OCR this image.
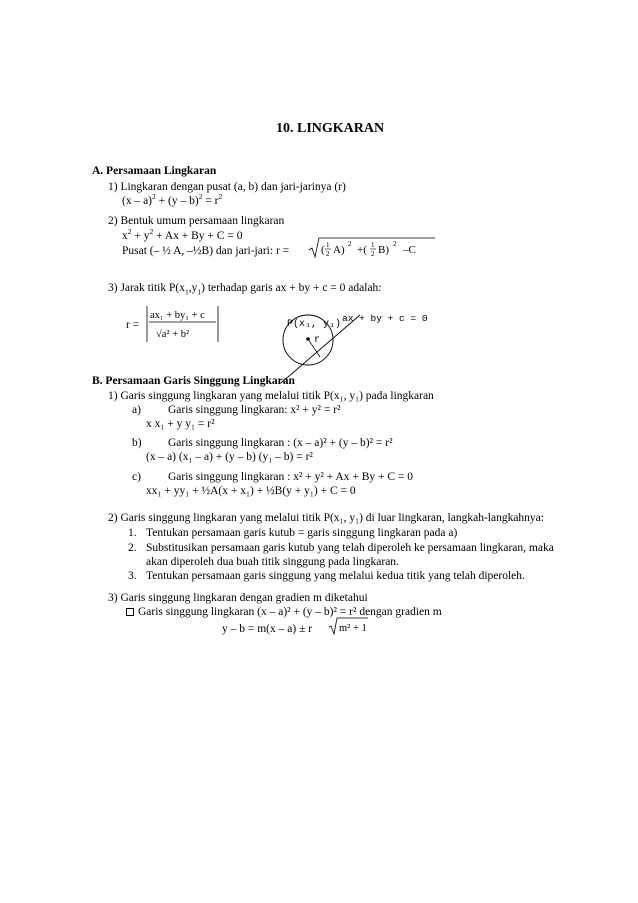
10. LINGKARAN
A. Persamaan Lingkaran
1) Lingkaran dengan pusat (a, b) dan jari-jarinya (r)
$(x - a)^2 + (y - b)^2 = r^2$
2) Bentuk umum persamaan lingkaran
$x^2 + y^2 + Ax + By + C = 0$
Pusat (– ½ A, –½B) dan jari-jari: r =	( 1
2 A) 2 +( 1
2 B) 2 –C
3) Jarak titik $P(x_1,y_1)$ terhadap garis ax + by + c = 0 adalah:
r =
ax₁ + by₁ + c
√a² + b²
P(x₁, y₁)
ax + by + c = 0
r
B. Persamaan Garis Singgung Lingkaran
1) Garis singgung lingkaran yang melalui titik P(x₁, y₁) pada lingkaran
a) Garis singgung lingkaran: x² + y² = r²
x x₁ + y y₁ = r²
b) Garis singgung lingkaran : (x – a)² + (y – b)² = r²
(x – a) (x₁ – a) + (y – b) (y₁ – b) = r²
c) Garis singgung lingkaran : x² + y² + Ax + By + C = 0
xx₁ + yy₁ + ½A(x + x₁) + ½B(y + y₁) + C = 0
2) Garis singgung lingkaran yang melalui titik P(x₁, y₁) di luar lingkaran, langkah-langkahnya:
1. Tentukan persamaan garis kutub = garis singgung lingkaran pada a)
2. Substitusikan persamaan garis kutub yang telah diperoleh ke persamaan lingkaran, maka
akan diperoleh dua buah titik singgung pada lingkaran.
3. Tentukan persamaan garis singgung yang melalui kedua titik yang telah diperoleh.
3) Garis singgung lingkaran dengan gradien m diketahui
Garis singgung lingkaran (x – a)² + (y – b)² = r² dengan gradien m
y – b = m(x – a) ± r	m² + 1
